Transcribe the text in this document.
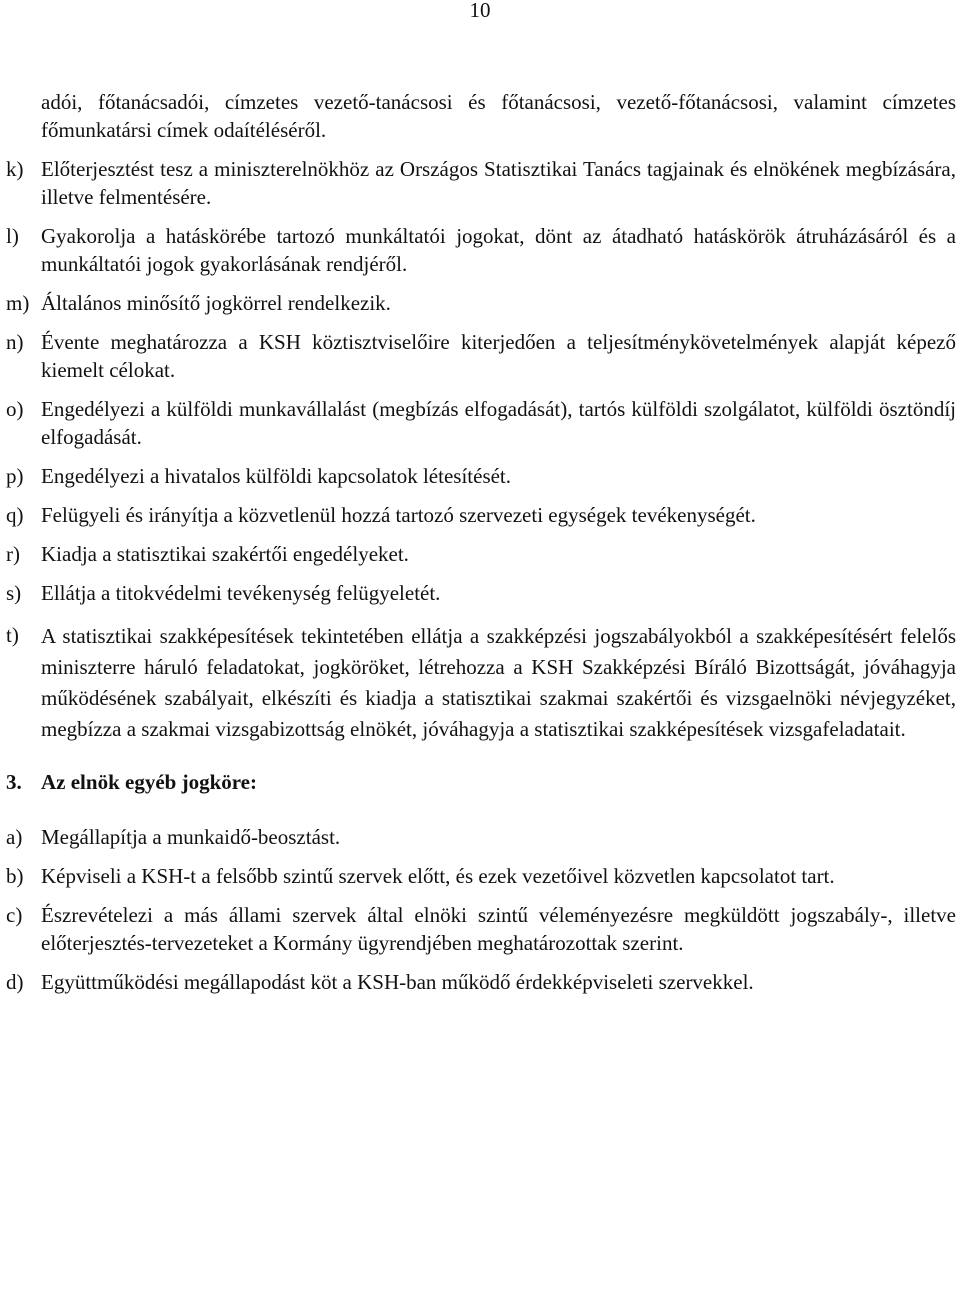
10
adói, főtanácsadói, címzetes vezető-tanácsosi és főtanácsosi, vezető-főtanácsosi, valamint címzetes főmunkatársi címek odaítéléséről.
k) Előterjesztést tesz a miniszterelnökhöz az Országos Statisztikai Tanács tagjainak és elnökének megbízására, illetve felmentésére.
l)	Gyakorolja a hatáskörébe tartozó munkáltatói jogokat, dönt az átadható hatáskörök átruházásáról és a munkáltatói jogok gyakorlásának rendjéről.
m) Általános minősítő jogkörrel rendelkezik.
n) Évente meghatározza a KSH köztisztviselőire kiterjedően a teljesítménykövetelmények alapját képező kiemelt célokat.
o) Engedélyezi a külföldi munkavállalást (megbízás elfogadását), tartós külföldi szolgálatot, külföldi ösztöndíj elfogadását.
p) Engedélyezi a hivatalos külföldi kapcsolatok létesítését.
q) Felügyeli és irányítja a közvetlenül hozzá tartozó szervezeti egységek tevékenységét.
r)	Kiadja a statisztikai szakértői engedélyeket.
s) Ellátja a titokvédelmi tevékenység felügyeletét.
t)	A statisztikai szakképesítések tekintetében ellátja a szakképzési jogszabályokból a szakképesítésért felelős miniszterre háruló feladatokat, jogköröket, létrehozza a KSH Szakképzési Bíráló Bizottságát, jóváhagyja működésének szabályait, elkészíti és kiadja a statisztikai szakmai szakértői és vizsgaelnöki névjegyzéket, megbízza a szakmai vizsgabizottság elnökét, jóváhagyja a statisztikai szakképesítések vizsgafeladatait.
3. Az elnök egyéb jogköre:
a) Megállapítja a munkaidő-beosztást.
b) Képviseli a KSH-t a felsőbb szintű szervek előtt, és ezek vezetőivel közvetlen kapcsolatot tart.
c) Észrevételezi a más állami szervek által elnöki szintű véleményezésre megküldött jogszabály-, illetve előterjesztés-tervezeteket a Kormány ügyrendjében meghatározottak szerint.
d) Együttműködési megállapodást köt a KSH-ban működő érdekképviseleti szervekkel.
